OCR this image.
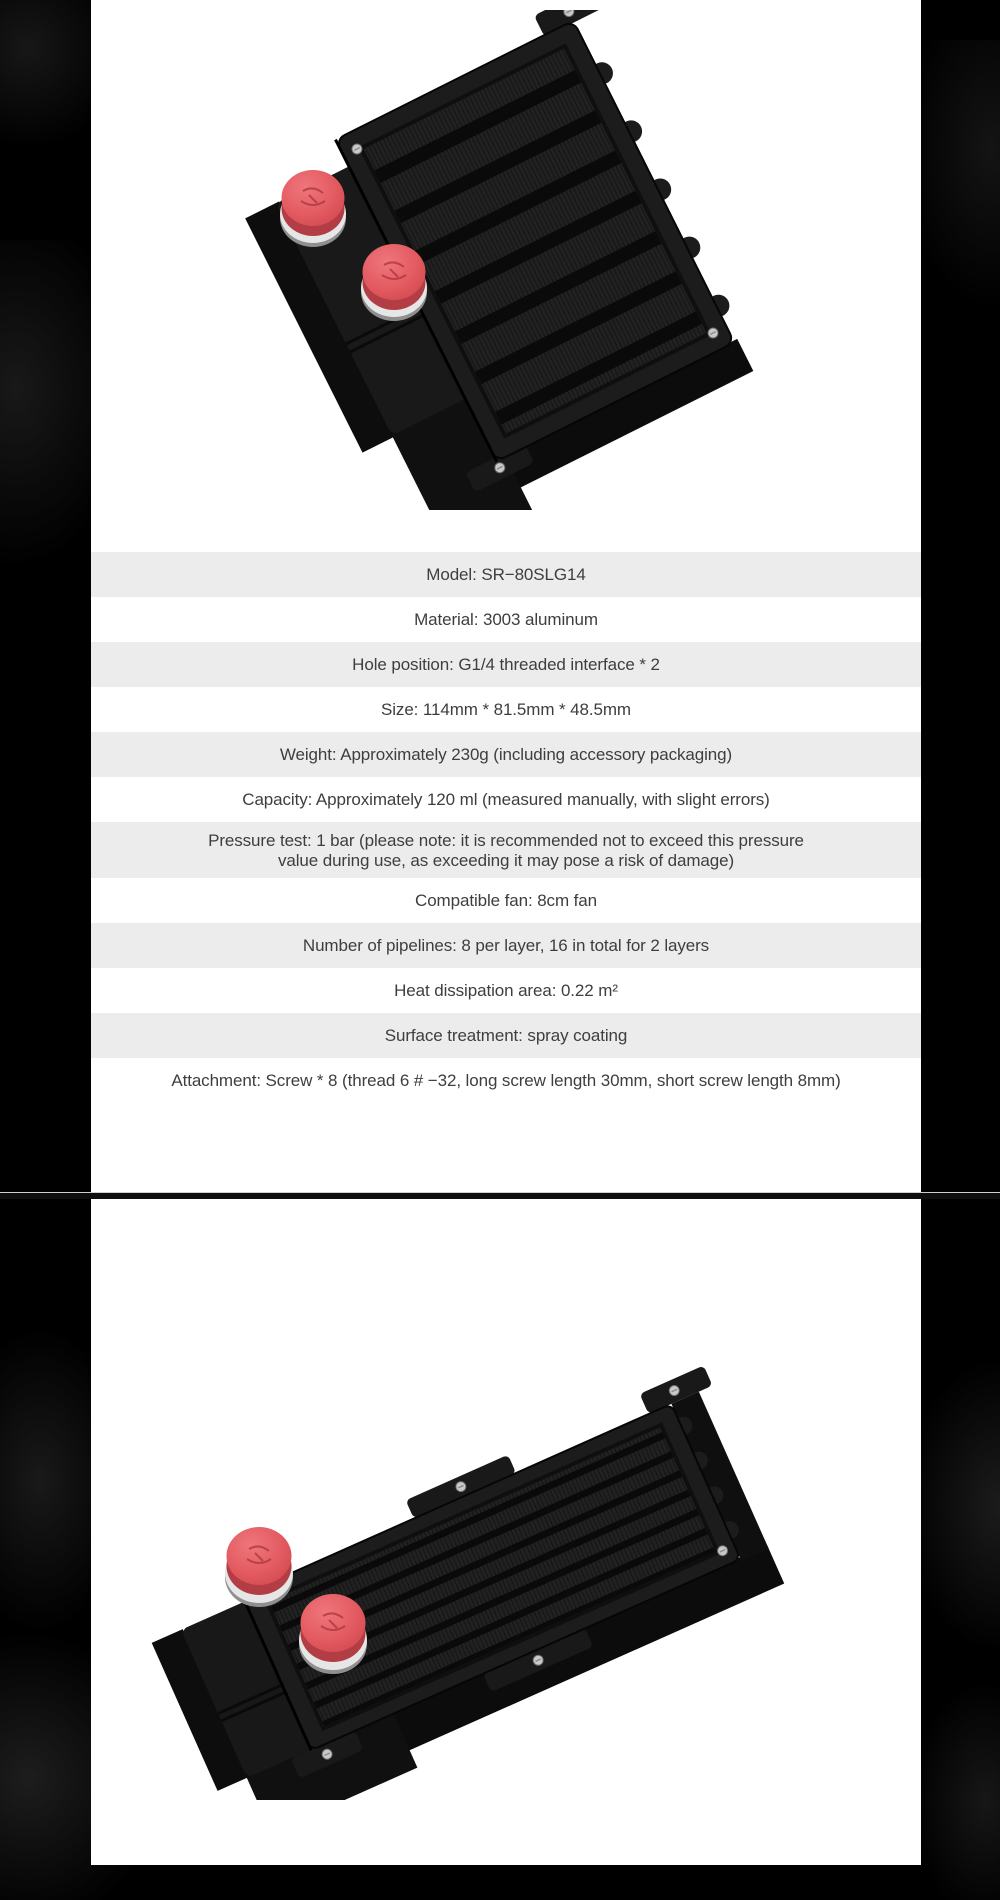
Model: SR−80SLG14
Material: 3003 aluminum
Hole position: G1/4 threaded interface * 2
Size: 114mm * 81.5mm * 48.5mm
Weight: Approximately 230g (including accessory packaging)
Capacity: Approximately 120 ml (measured manually, with slight errors)
Pressure test: 1 bar (please note: it is recommended not to exceed this pressure
value during use, as exceeding it may pose a risk of damage)
Compatible fan: 8cm fan
Number of pipelines: 8 per layer, 16 in total for 2 layers
Heat dissipation area: 0.22 m²
Surface treatment: spray coating
Attachment: Screw * 8 (thread 6 # −32, long screw length 30mm, short screw length 8mm)
